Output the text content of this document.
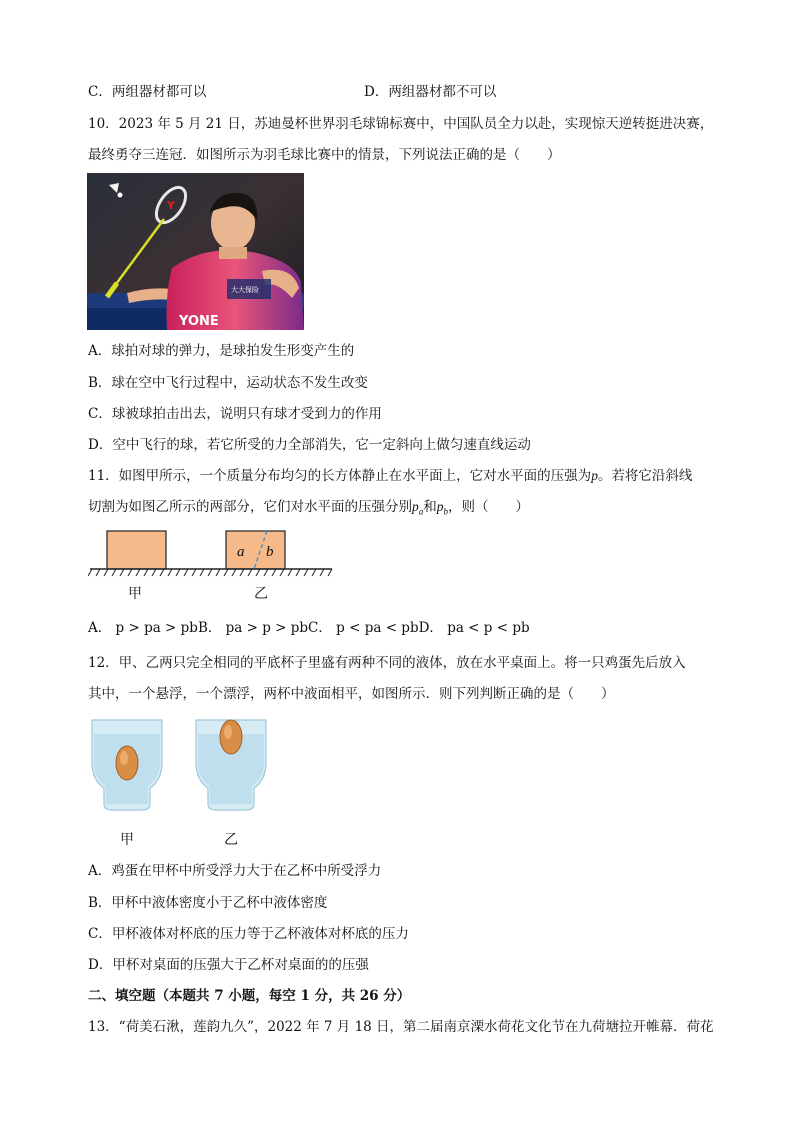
C．两组器材都可以	D．两组器材都不可以
10．2023 年 5 月 21 日，苏迪曼杯世界羽毛球锦标赛中，中国队员全力以赴，实现惊天逆转挺进决赛，
最终勇夺三连冠．如图所示为羽毛球比赛中的情景，下列说法正确的是（　　）
Y
大大保险
YONE
A．球拍对球的弹力，是球拍发生形变产生的
B．球在空中飞行过程中，运动状态不发生改变
C．球被球拍击出去，说明只有球才受到力的作用
D．空中飞行的球，若它所受的力全部消失，它一定斜向上做匀速直线运动
11．如图甲所示，一个质量分布均匀的长方体静止在水平面上，它对水平面的压强为p。若将它沿斜线
切割为如图乙所示的两部分，它们对水平面的压强分别$p_a$和$p_b$，则（　　）
a b
甲	乙
A． p > pa > pbB． pa > p > pbC． p < pa < pbD． pa < p < pb
12．甲、乙两只完全相同的平底杯子里盛有两种不同的液体，放在水平桌面上。将一只鸡蛋先后放入
其中，一个悬浮，一个漂浮，两杯中液面相平，如图所示．则下列判断正确的是（　　）
甲	乙
A．鸡蛋在甲杯中所受浮力大于在乙杯中所受浮力
B．甲杯中液体密度小于乙杯中液体密度
C．甲杯液体对杯底的压力等于乙杯液体对杯底的压力
D．甲杯对桌面的压强大于乙杯对桌面的的压强
二、填空题（本题共 7 小题，每空 1 分，共 26 分）
13．“荷美石湫，莲韵九久”，2022 年 7 月 18 日，第二届南京溧水荷花文化节在九荷塘拉开帷幕．荷花
